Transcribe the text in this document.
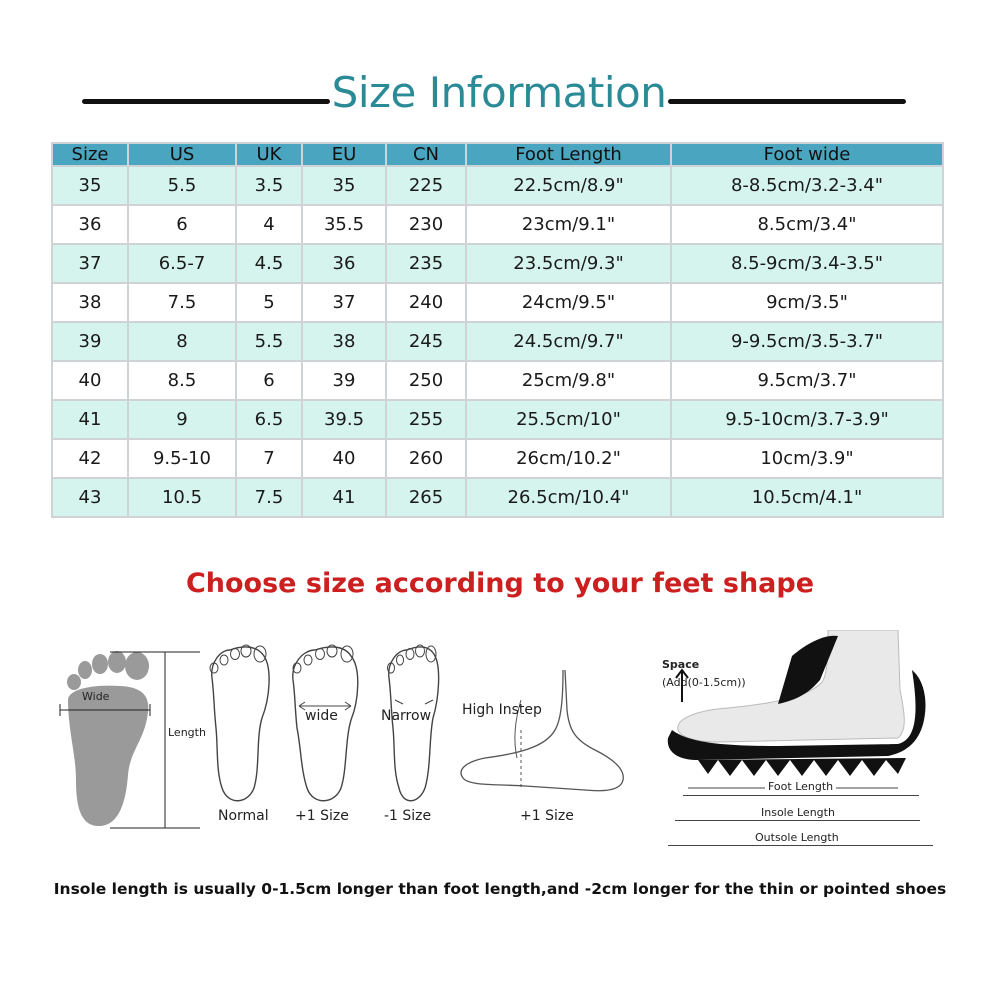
Size Information
Size	US	UK	EU	CN	Foot Length	Foot wide
35	5.5	3.5	35	225	22.5cm/8.9"	8-8.5cm/3.2-3.4"
36	6	4	35.5	230	23cm/9.1"	8.5cm/3.4"
37	6.5-7	4.5	36	235	23.5cm/9.3"	8.5-9cm/3.4-3.5"
38	7.5	5	37	240	24cm/9.5"	9cm/3.5"
39	8	5.5	38	245	24.5cm/9.7"	9-9.5cm/3.5-3.7"
40	8.5	6	39	250	25cm/9.8"	9.5cm/3.7"
41	9	6.5	39.5	255	25.5cm/10"	9.5-10cm/3.7-3.9"
42	9.5-10	7	40	260	26cm/10.2"	10cm/3.9"
43	10.5	7.5	41	265	26.5cm/10.4"	10.5cm/4.1"
Choose size according to your feet shape
Wide
Length
Normal
wide
+1 Size
Narrow
-1 Size
High Instep
+1 Size
Space
(Add(0-1.5cm))
Foot Length
Insole Length
Outsole Length
Insole length is usually 0-1.5cm longer than foot length,and -2cm longer for the thin or pointed shoes
